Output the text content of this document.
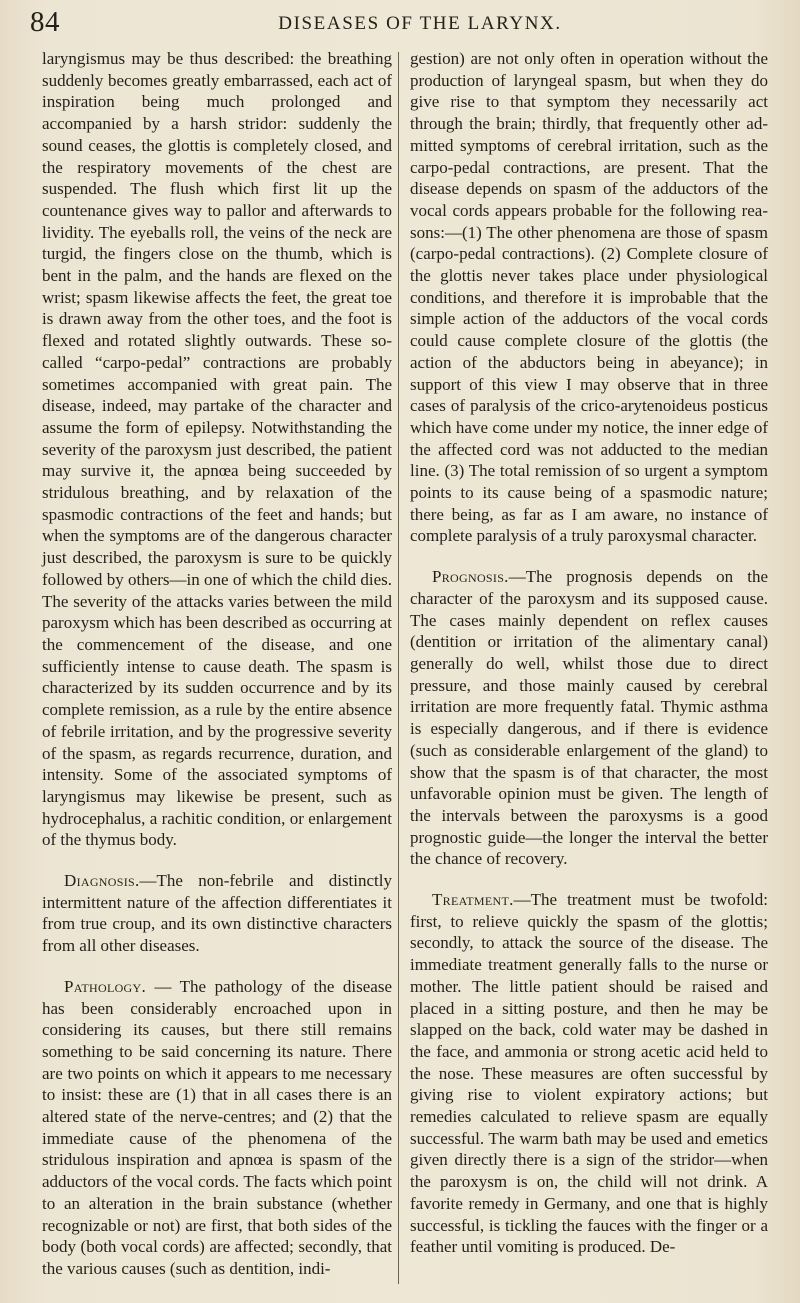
84	DISEASES OF THE LARYNX.

laryngismus may be thus described: the breathing suddenly becomes greatly embarrassed, each act of inspiration being much prolonged and accompanied by a harsh stridor: suddenly the sound ceases, the glottis is completely closed, and the respiratory movements of the chest are suspended. The flush which first lit up the countenance gives way to pallor and afterwards to lividity. The eyeballs roll, the veins of the neck are turgid, the fingers close on the thumb, which is bent in the palm, and the hands are flexed on the wrist; spasm likewise affects the feet, the great toe is drawn away from the other toes, and the foot is flexed and rotated slightly outwards. These so-called “carpo-pedal” contractions are probably sometimes accompanied with great pain. The disease, indeed, may partake of the character and assume the form of epilepsy. Notwithstanding the severity of the paroxysm just described, the patient may survive it, the apnœa being succeeded by stridulous breathing, and by relaxation of the spasmodic contractions of the feet and hands; but when the symptoms are of the dangerous character just described, the paroxysm is sure to be quickly followed by others—in one of which the child dies. The severity of the attacks varies between the mild paroxysm which has been described as occurring at the commencement of the disease, and one sufficiently intense to cause death. The spasm is characterized by its sudden occurrence and by its complete remission, as a rule by the entire absence of febrile irritation, and by the progressive severity of the spasm, as regards recurrence, duration, and intensity. Some of the associated symptoms of laryngismus may likewise be present, such as hydrocephalus, a rachitic condition, or enlargement of the thymus body.

Diagnosis.—The non-febrile and distinctly intermittent nature of the affection differentiates it from true croup, and its own distinctive characters from all other diseases.

Pathology. — The pathology of the disease has been considerably encroached upon in considering its causes, but there still remains something to be said concerning its nature. There are two points on which it appears to me necessary to insist: these are (1) that in all cases there is an altered state of the nerve-centres; and (2) that the immediate cause of the phenomena of the stridulous inspiration and apnœa is spasm of the adductors of the vocal cords. The facts which point to an alteration in the brain substance (whether recognizable or not) are first, that both sides of the body (both vocal cords) are affected; secondly, that the various causes (such as dentition, indi-

gestion) are not only often in operation without the production of laryngeal spasm, but when they do give rise to that symptom they necessarily act through the brain; thirdly, that frequently other admitted symptoms of cerebral irritation, such as the carpo-pedal contractions, are present. That the disease depends on spasm of the adductors of the vocal cords appears probable for the following reasons:—(1) The other phenomena are those of spasm (carpo-pedal contractions). (2) Complete closure of the glottis never takes place under physiological conditions, and therefore it is improbable that the simple action of the adductors of the vocal cords could cause complete closure of the glottis (the action of the abductors being in abeyance); in support of this view I may observe that in three cases of paralysis of the crico-arytenoideus posticus which have come under my notice, the inner edge of the affected cord was not adducted to the median line. (3) The total remission of so urgent a symptom points to its cause being of a spasmodic nature; there being, as far as I am aware, no instance of complete paralysis of a truly paroxysmal character.

Prognosis.—The prognosis depends on the character of the paroxysm and its supposed cause. The cases mainly dependent on reflex causes (dentition or irritation of the alimentary canal) generally do well, whilst those due to direct pressure, and those mainly caused by cerebral irritation are more frequently fatal. Thymic asthma is especially dangerous, and if there is evidence (such as considerable enlargement of the gland) to show that the spasm is of that character, the most unfavorable opinion must be given. The length of the intervals between the paroxysms is a good prognostic guide—the longer the interval the better the chance of recovery.

Treatment.—The treatment must be twofold: first, to relieve quickly the spasm of the glottis; secondly, to attack the source of the disease. The immediate treatment generally falls to the nurse or mother. The little patient should be raised and placed in a sitting posture, and then he may be slapped on the back, cold water may be dashed in the face, and ammonia or strong acetic acid held to the nose. These measures are often successful by giving rise to violent expiratory actions; but remedies calculated to relieve spasm are equally successful. The warm bath may be used and emetics given directly there is a sign of the stridor—when the paroxysm is on, the child will not drink. A favorite remedy in Germany, and one that is highly successful, is tickling the fauces with the finger or a feather until vomiting is produced. De-
